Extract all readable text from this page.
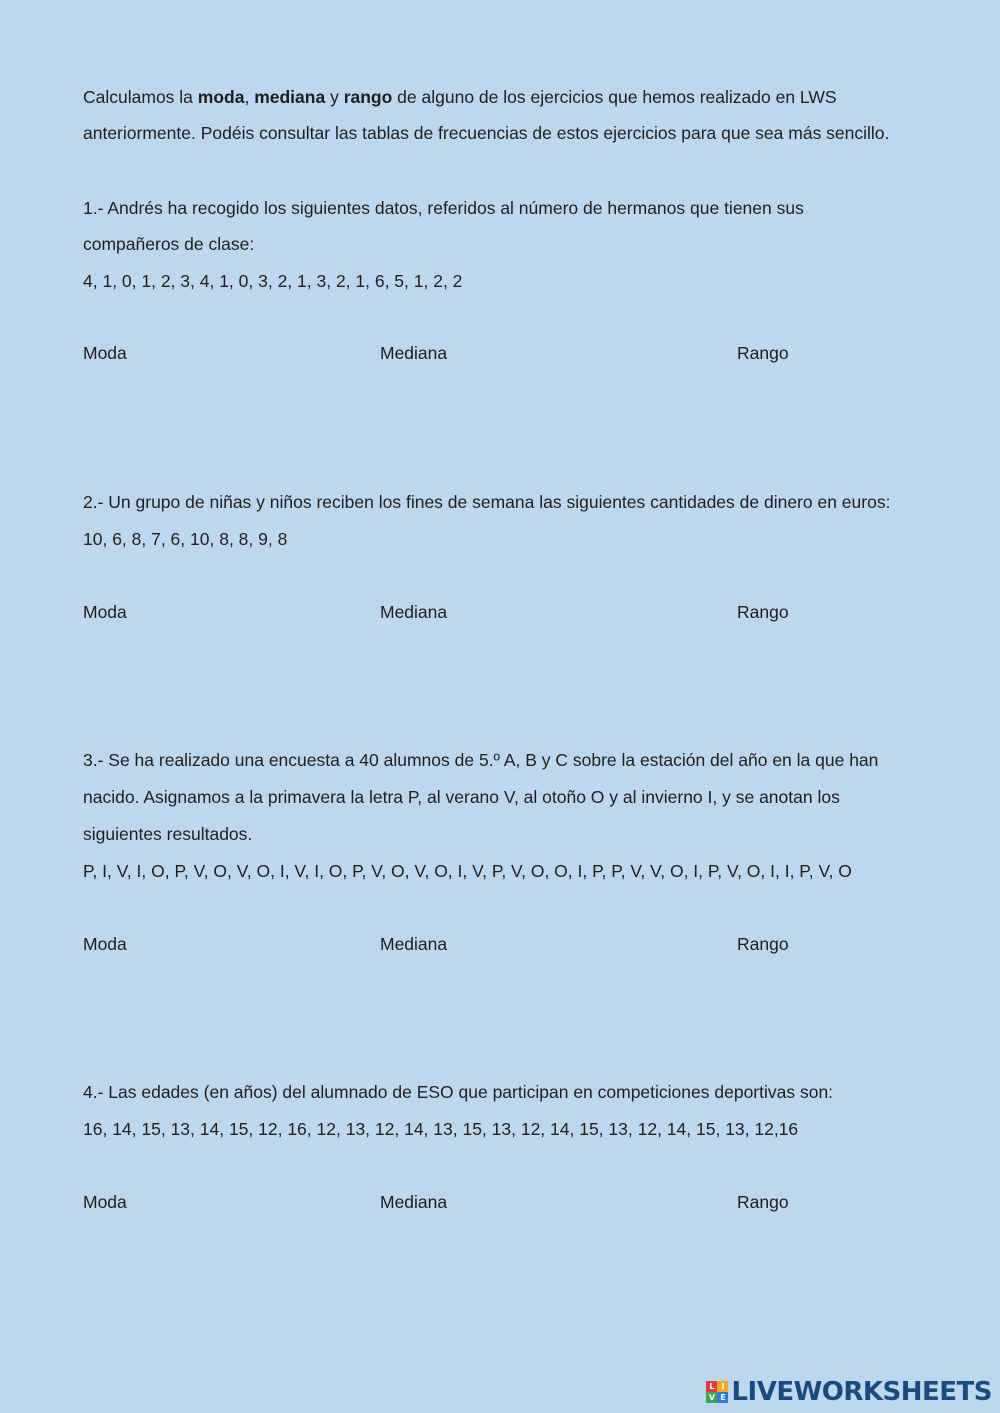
Calculamos la moda, mediana y rango de alguno de los ejercicios que hemos realizado en LWS
anteriormente. Podéis consultar las tablas de frecuencias de estos ejercicios para que sea más sencillo.
1.- Andrés ha recogido los siguientes datos, referidos al número de hermanos que tienen sus
compañeros de clase:
4, 1, 0, 1, 2, 3, 4, 1, 0, 3, 2, 1, 3, 2, 1, 6, 5, 1, 2, 2
Moda	Mediana	Rango
2.- Un grupo de niñas y niños reciben los fines de semana las siguientes cantidades de dinero en euros:
10, 6, 8, 7, 6, 10, 8, 8, 9, 8
Moda	Mediana	Rango
3.- Se ha realizado una encuesta a 40 alumnos de 5.º A, B y C sobre la estación del año en la que han
nacido. Asignamos a la primavera la letra P, al verano V, al otoño O y al invierno I, y se anotan los
siguientes resultados.
P, I, V, I, O, P, V, O, V, O, I, V, I, O, P, V, O, V, O, I, V, P, V, O, O, I, P, P, V, V, O, I, P, V, O, I, I, P, V, O
Moda	Mediana	Rango
4.- Las edades (en años) del alumnado de ESO que participan en competiciones deportivas son:
16, 14, 15, 13, 14, 15, 12, 16, 12, 13, 12, 14, 13, 15, 13, 12, 14, 15, 13, 12, 14, 15, 13, 12,16
Moda	Mediana	Rango
L I
V E LIVEWORKSHEETS
